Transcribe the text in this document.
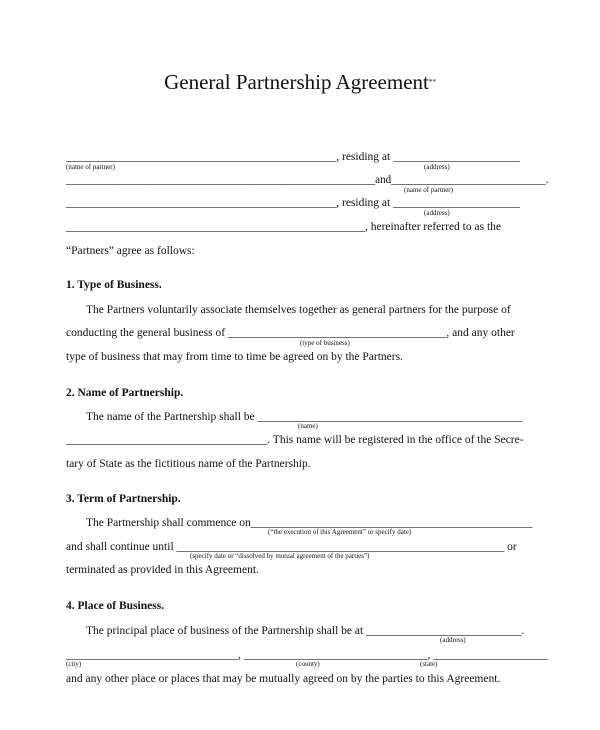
General Partnership Agreement**
_______________________________________________, residing at ______________________
(name of partner)	(address)
________________________________________________________and____________________________.
(name of partner)
_______________________________________________, residing at ______________________
(address)
____________________________________________________, hereinafter referred to as the
“Partners” agree as follows:
1. Type of Business.
The Partners voluntarily associate themselves together as general partners for the purpose of
conducting the general business of ______________________________________, and any other
(type of business)
type of business that may from time to time be agreed on by the Partners.
2. Name of Partnership.
The name of the Partnership shall be ______________________________________________
(name)
___________________________________. This name will be registered in the office of the Secre-
tary of State as the fictitious name of the Partnership.
3. Term of Partnership.
The Partnership shall commence on_________________________________________________
(“the execution of this Agreement” or specify date)
and shall continue until _________________________________________________________ or
(specify date or “dissolved by mutual agreement of the parties”)
terminated as provided in this Agreement.
4. Place of Business.
The principal place of business of the Partnership shall be at ___________________________.
(address)
______________________________, ________________________________, ____________________
(city)	(county)	(state)
and any other place or places that may be mutually agreed on by the parties to this Agreement.
